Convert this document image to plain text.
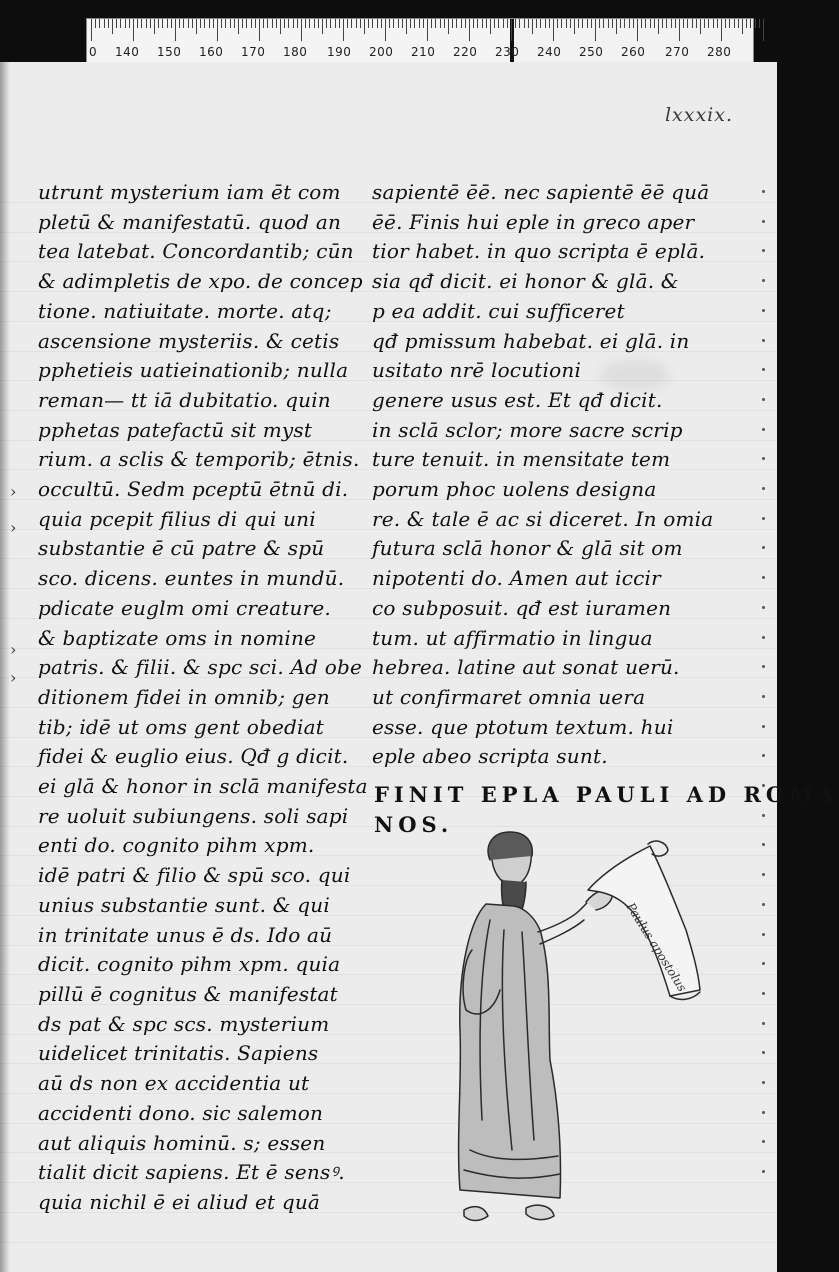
0 140 150 160 170 180 190 200 210 220 230 240 250 260 270 280
lxxxix.
›
›
›
›
utrunt mysterium iam ēt com
pletū & manifestatū. quod an
tea latebat. Concordantib; cūn
& adimpletis de xpo. de concep
tione. natiuitate. morte. atq;
ascensione mysteriis. & cetis
pphetieis uatieinationib; nulla
reman— tt iā dubitatio. quin
pphetas patefactū sit myst
rium. a sclis & temporib; ētnis.
occultū. Sedm pceptū ētnū di.
quia pcepit filius di qui uni
substantie ē cū patre & spū
sco. dicens. euntes in mundū.
pdicate euglm omi creature.
& baptizate oms in nomine
patris. & filii. & spc sci. Ad obe
ditionem fidei in omnib; gen
tib; idē ut oms gent obediat
fidei & euglio eius. Qđ g dicit.
ei glā & honor in sclā manifesta
re uoluit subiungens. soli sapi
enti do. cognito pihm xpm.
idē patri & filio & spū sco. qui
unius substantie sunt. & qui
in trinitate unus ē ds. Ido aū
dicit. cognito pihm xpm. quia
pillū ē cognitus & manifestat
ds pat & spc scs. mysterium
uidelicet trinitatis. Sapiens
aū ds non ex accidentia ut
accidenti dono. sic salemon
aut aliquis hominū. s; essen
tialit dicit sapiens. Et ē sensꝰ.
quia nichil ē ei aliud et quā
sapientē ēē. nec sapientē ēē quā
ēē. Finis hui eple in greco aper
tior habet. in quo scripta ē eplā.
sia qđ dicit. ei honor & glā. &
p ea addit. cui sufficeret
qđ pmissum habebat. ei glā. in
usitato nrē locutioni
genere usus est. Et qđ dicit.
in sclā sclor; more sacre scrip
ture tenuit. in mensitate tem
porum phoc uolens designa
re. & tale ē ac si diceret. In omia
futura sclā honor & glā sit om
nipotenti do. Amen aut iccir
co subposuit. qđ est iuramen
tum. ut affirmatio in lingua
hebrea. latine aut sonat uerū.
ut confirmaret omnia uera
esse. que ptotum textum. hui
eple abeo scripta sunt.
FINIT EPLA PAULI AD ROMA
NOS.
Paulus apostolus
